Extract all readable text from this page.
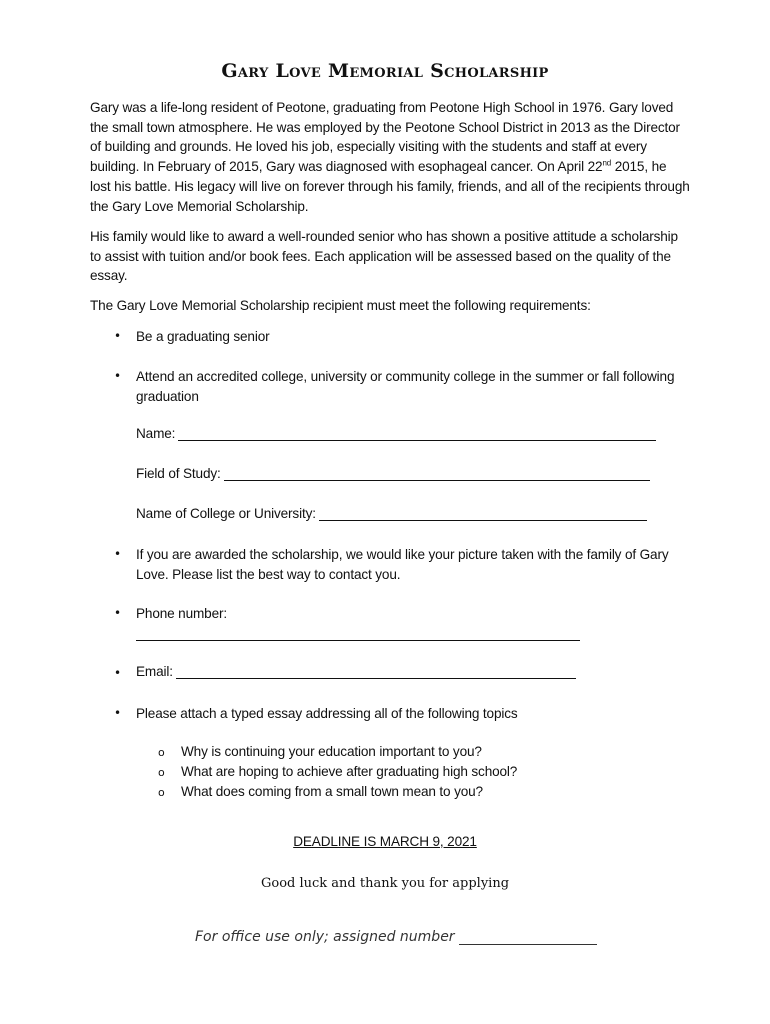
Gary Love Memorial Scholarship
Gary was a life-long resident of Peotone, graduating from Peotone High School in 1976. Gary loved the small town atmosphere. He was employed by the Peotone School District in 2013 as the Director of building and grounds. He loved his job, especially visiting with the students and staff at every building. In February of 2015, Gary was diagnosed with esophageal cancer. On April 22nd 2015, he lost his battle. His legacy will live on forever through his family, friends, and all of the recipients through the Gary Love Memorial Scholarship.
His family would like to award a well-rounded senior who has shown a positive attitude a scholarship to assist with tuition and/or book fees. Each application will be assessed based on the quality of the essay.
The Gary Love Memorial Scholarship recipient must meet the following requirements:
• Be a graduating senior
• Attend an accredited college, university or community college in the summer or fall following graduation
Name:
Field of Study:
Name of College or University:
• If you are awarded the scholarship, we would like your picture taken with the family of Gary Love. Please list the best way to contact you.
• Phone number:
• Email:
• Please attach a typed essay addressing all of the following topics
o Why is continuing your education important to you?
o What are hoping to achieve after graduating high school?
o What does coming from a small town mean to you?
DEADLINE IS MARCH 9, 2021
Good luck and thank you for applying
For office use only; assigned number
